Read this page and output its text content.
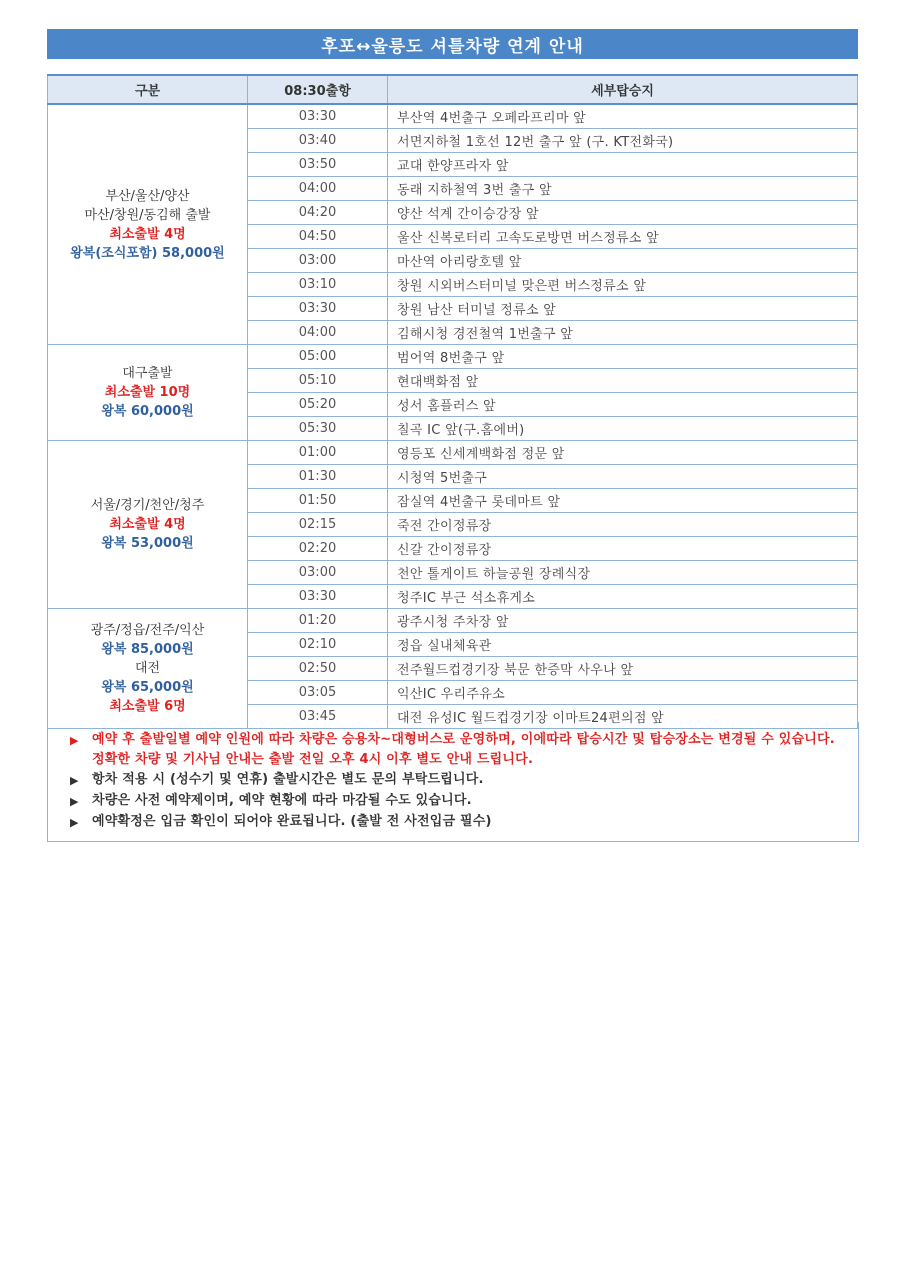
후포↔울릉도 셔틀차량 연계 안내
구분	08:30출항	세부탑승지

부산/울산/양산
마산/창원/동김해 출발
최소출발 4명
왕복(조식포함) 58,000원	03:30	부산역 4번출구 오페라프리마 앞
	03:40	서면지하철 1호선 12번 출구 앞 (구. KT전화국)
	03:50	교대 한양프라자 앞
	04:00	동래 지하철역 3번 출구 앞
	04:20	양산 석계 간이승강장 앞
	04:50	울산 신복로터리 고속도로방면 버스정류소 앞
	03:00	마산역 아리랑호텔 앞
	03:10	창원 시외버스터미널 맞은편 버스정류소 앞
	03:30	창원 남산 터미널 정류소 앞
	04:00	김해시청 경전철역 1번출구 앞

대구출발
최소출발 10명
왕복 60,000원	05:00	범어역 8번출구 앞
	05:10	현대백화점 앞
	05:20	성서 홈플러스 앞
	05:30	칠곡 IC 앞(구.홈에버)

서울/경기/천안/청주
최소출발 4명
왕복 53,000원	01:00	영등포 신세계백화점 정문 앞
	01:30	시청역 5번출구
	01:50	잠실역 4번출구 롯데마트 앞
	02:15	죽전 간이정류장
	02:20	신갈 간이정류장
	03:00	천안 톨게이트 하늘공원 장례식장
	03:30	청주IC 부근 석소휴게소

광주/정읍/전주/익산
왕복 85,000원
대전
왕복 65,000원
최소출발 6명	01:20	광주시청 주차장 앞
	02:10	정읍 실내체육관
	02:50	전주월드컵경기장 북문 한증막 사우나 앞
	03:05	익산IC 우리주유소
	03:45	대전 유성IC 월드컵경기장 이마트24편의점 앞
▶	예약 후 출발일별 예약 인원에 따라 차량은 승용차~대형버스로 운영하며, 이에따라 탑승시간 및 탑승장소는 변경될 수 있습니다. 정확한 차량 및 기사님 안내는 출발 전일 오후 4시 이후 별도 안내 드립니다.
▶	항차 적용 시 (성수기 및 연휴) 출발시간은 별도 문의 부탁드립니다.
▶	차량은 사전 예약제이며, 예약 현황에 따라 마감될 수도 있습니다.
▶	예약확정은 입금 확인이 되어야 완료됩니다. (출발 전 사전입금 필수)
